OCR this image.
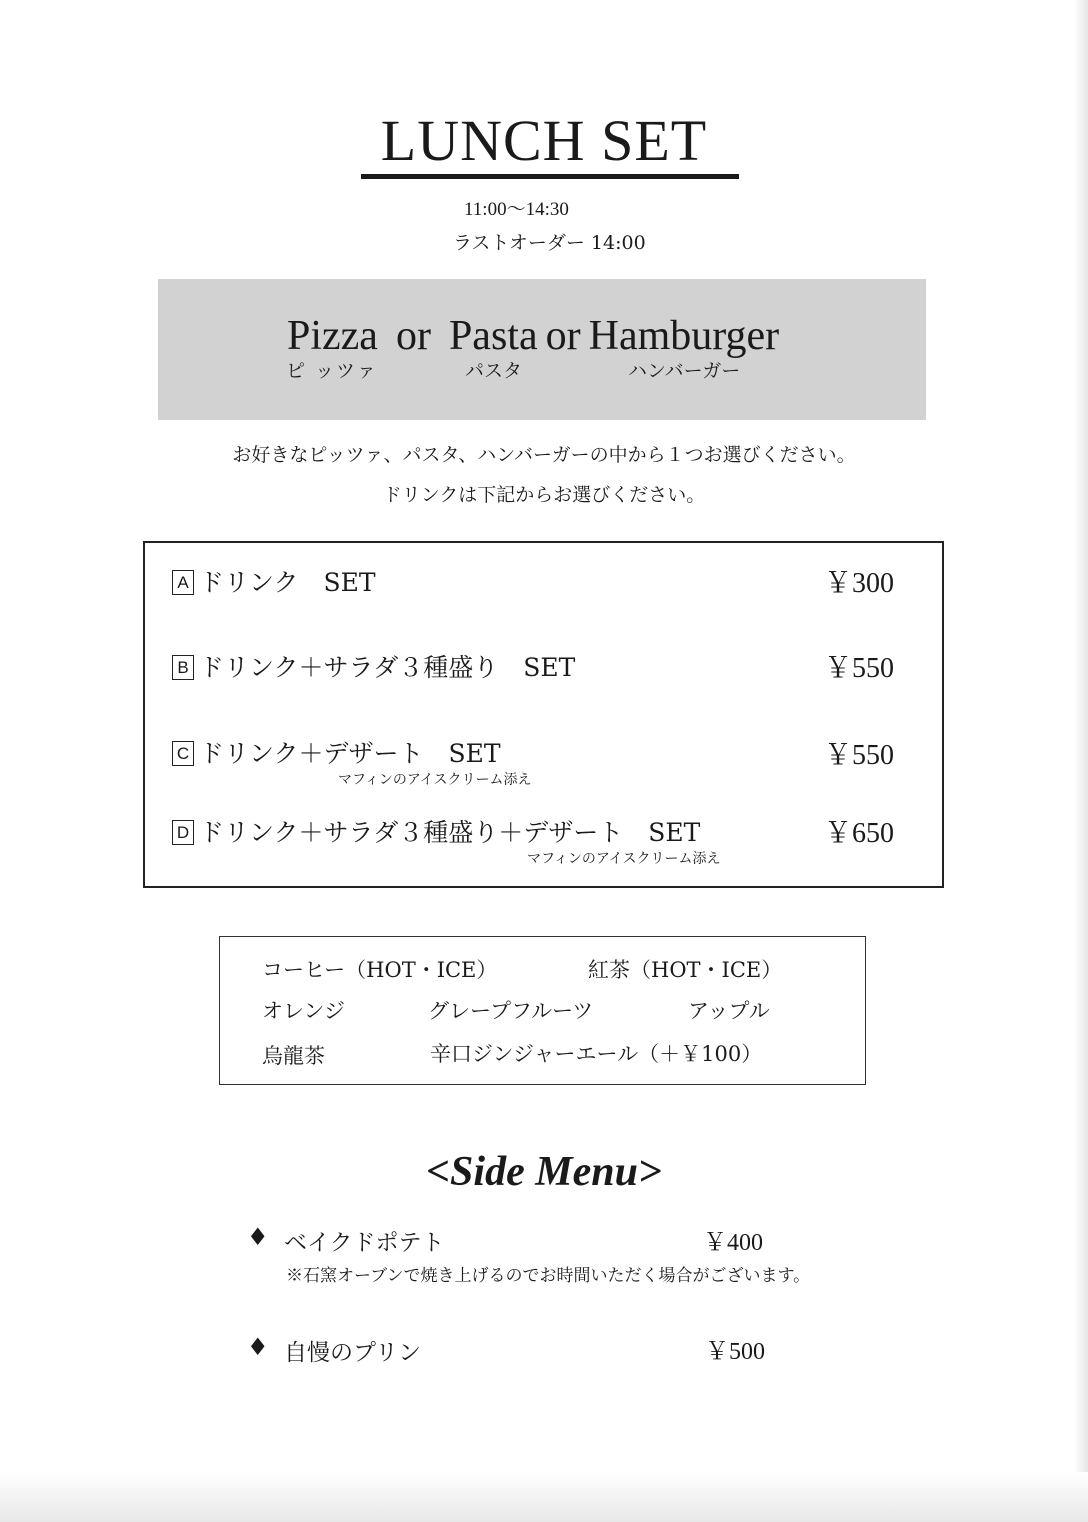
LUNCH SET
11:00〜14:30
ラストオーダー 14:00
Pizza or Pasta or Hamburger
ピ ッツァ	パスタ	ハンバーガー
お好きなピッツァ、パスタ、ハンバーガーの中から１つお選びください。
ドリンクは下記からお選びください。
A ドリンク　SET	￥300
B ドリンク＋サラダ３種盛り　SET	￥550
C ドリンク＋デザート　SET	￥550
マフィンのアイスクリーム添え
D ドリンク＋サラダ３種盛り＋デザート　SET	￥650
マフィンのアイスクリーム添え
コーヒー（HOT・ICE）	紅茶（HOT・ICE）
オレンジ	グレープフルーツ	アップル
烏龍茶	辛口ジンジャーエール（＋￥100）
<Side Menu>
♦ ベイクドポテト	￥400
※石窯オーブンで焼き上げるのでお時間いただく場合がございます。
♦ 自慢のプリン	￥500
